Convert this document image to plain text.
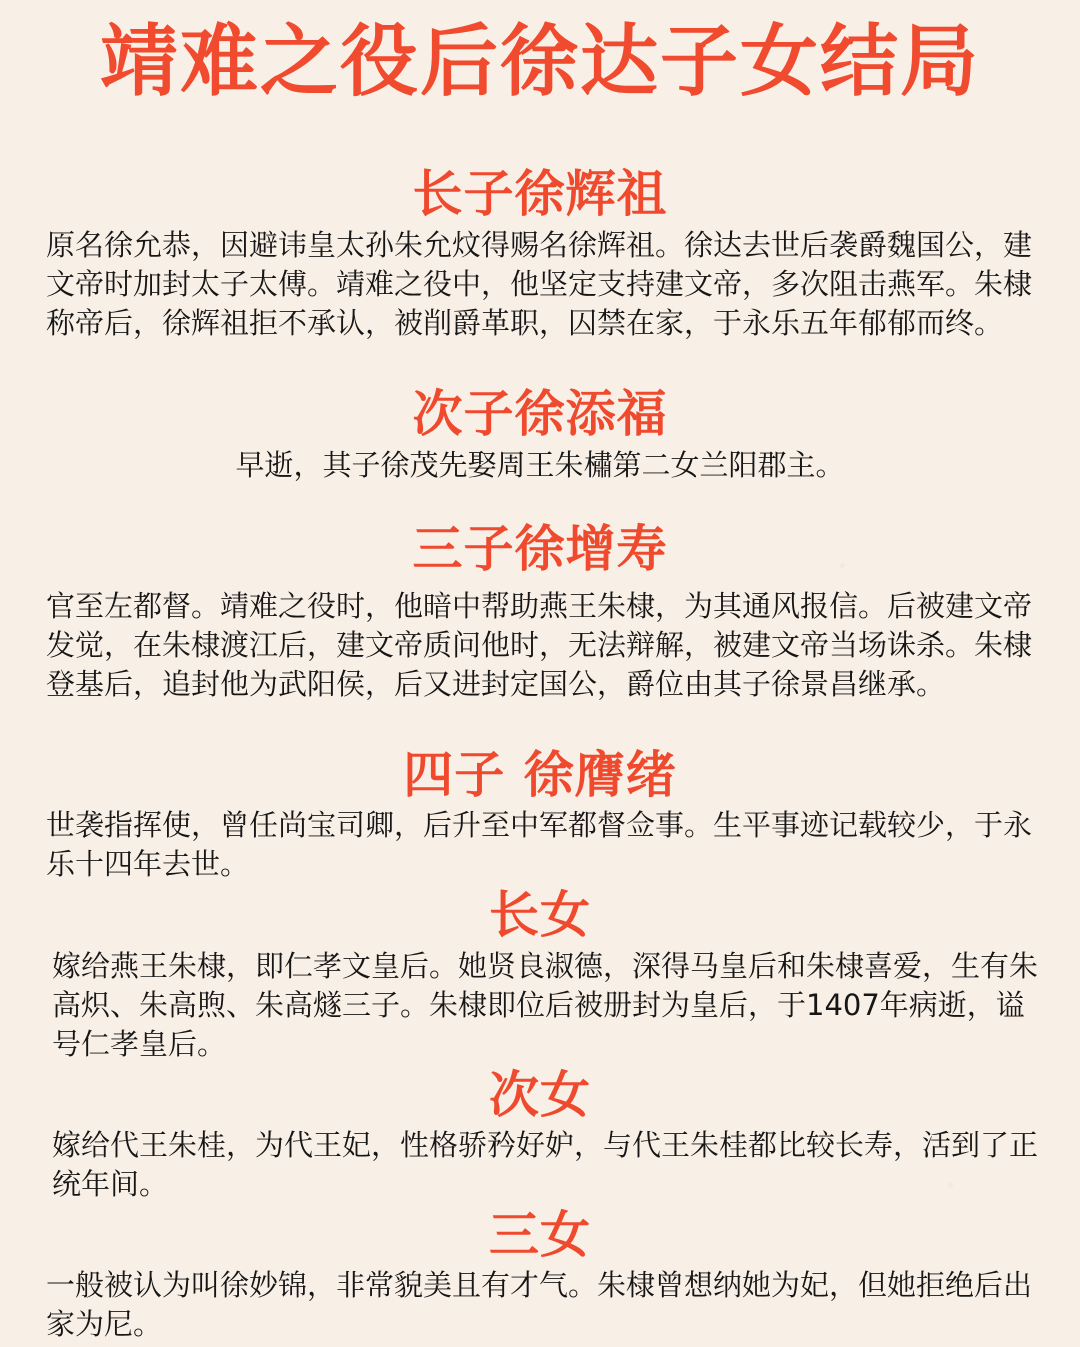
靖难之役后徐达子女结局
长子徐辉祖

原名徐允恭，因避讳皇太孙朱允炆得赐名徐辉祖。徐达去世后袭爵魏国公，建文帝时加封太子太傅。靖难之役中，他坚定支持建文帝，多次阻击燕军。朱棣称帝后，徐辉祖拒不承认，被削爵革职，囚禁在家，于永乐五年郁郁而终。

次子徐添福

早逝，其子徐茂先娶周王朱橚第二女兰阳郡主。

三子徐增寿

官至左都督。靖难之役时，他暗中帮助燕王朱棣，为其通风报信。后被建文帝发觉，在朱棣渡江后，建文帝质问他时，无法辩解，被建文帝当场诛杀。朱棣登基后，追封他为武阳侯，后又进封定国公，爵位由其子徐景昌继承。

四子 徐膺绪

世袭指挥使，曾任尚宝司卿，后升至中军都督佥事。生平事迹记载较少，于永乐十四年去世。

长女

嫁给燕王朱棣，即仁孝文皇后。她贤良淑德，深得马皇后和朱棣喜爱，生有朱高炽、朱高煦、朱高燧三子。朱棣即位后被册封为皇后，于1407年病逝，谥号仁孝皇后。

次女

嫁给代王朱桂，为代王妃，性格骄矜好妒，与代王朱桂都比较长寿，活到了正统年间。

三女

一般被认为叫徐妙锦，非常貌美且有才气。朱棣曾想纳她为妃，但她拒绝后出家为尼。
